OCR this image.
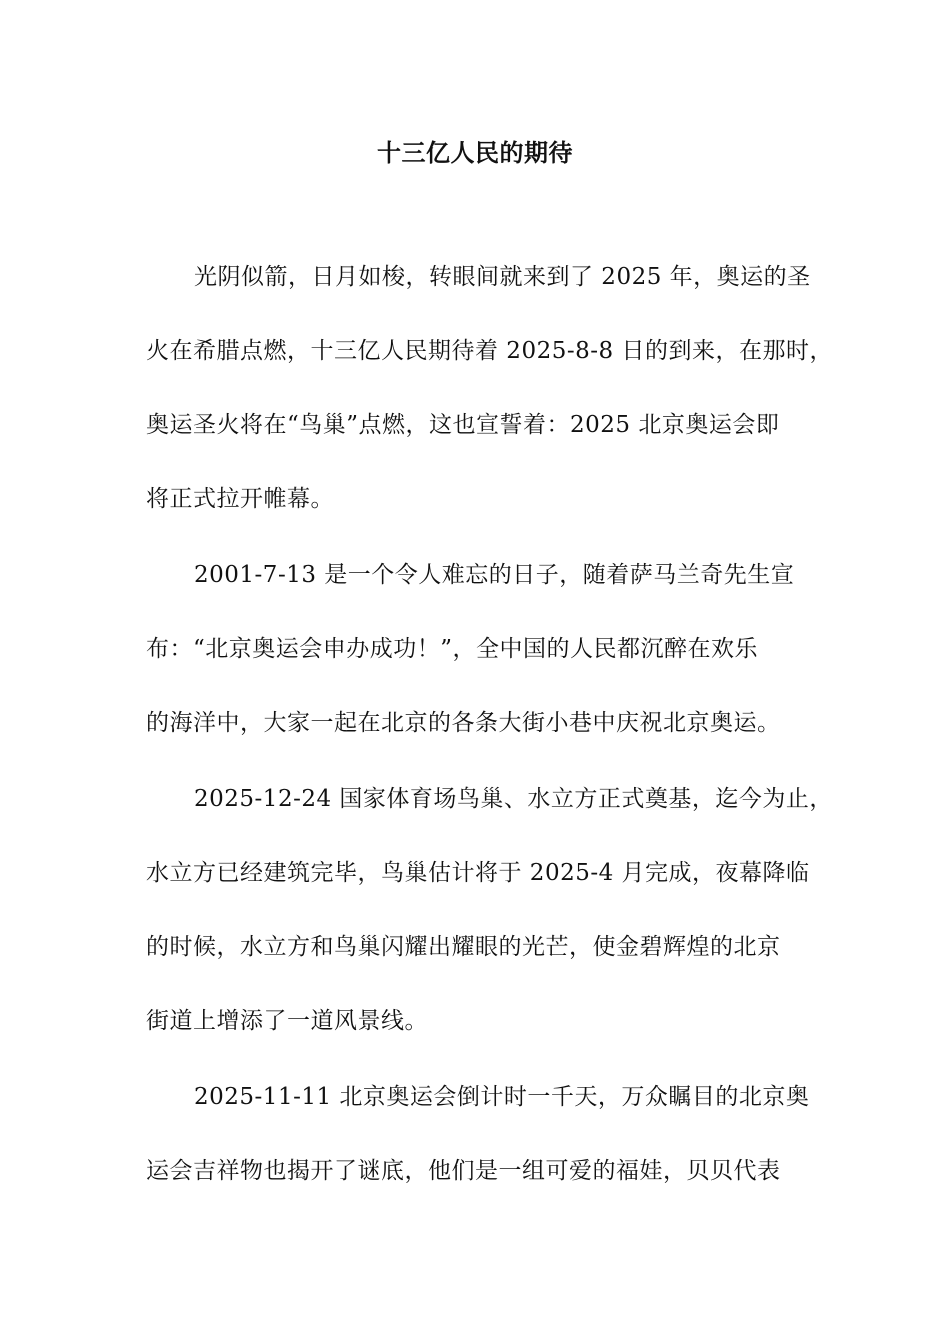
十三亿人民的期待
光阴似箭，日月如梭，转眼间就来到了 2025 年，奥运的圣
火在希腊点燃，十三亿人民期待着 2025-8-8 日的到来，在那时，
奥运圣火将在“鸟巢”点燃，这也宣誓着：2025 北京奥运会即
将正式拉开帷幕。
2001-7-13 是一个令人难忘的日子，随着萨马兰奇先生宣
布：“北京奥运会申办成功！”，全中国的人民都沉醉在欢乐
的海洋中，大家一起在北京的各条大街小巷中庆祝北京奥运。
2025-12-24 国家体育场鸟巢、水立方正式奠基，迄今为止，
水立方已经建筑完毕，鸟巢估计将于 2025-4 月完成，夜幕降临
的时候，水立方和鸟巢闪耀出耀眼的光芒，使金碧辉煌的北京
街道上增添了一道风景线。
2025-11-11 北京奥运会倒计时一千天，万众瞩目的北京奥
运会吉祥物也揭开了谜底，他们是一组可爱的福娃，贝贝代表
